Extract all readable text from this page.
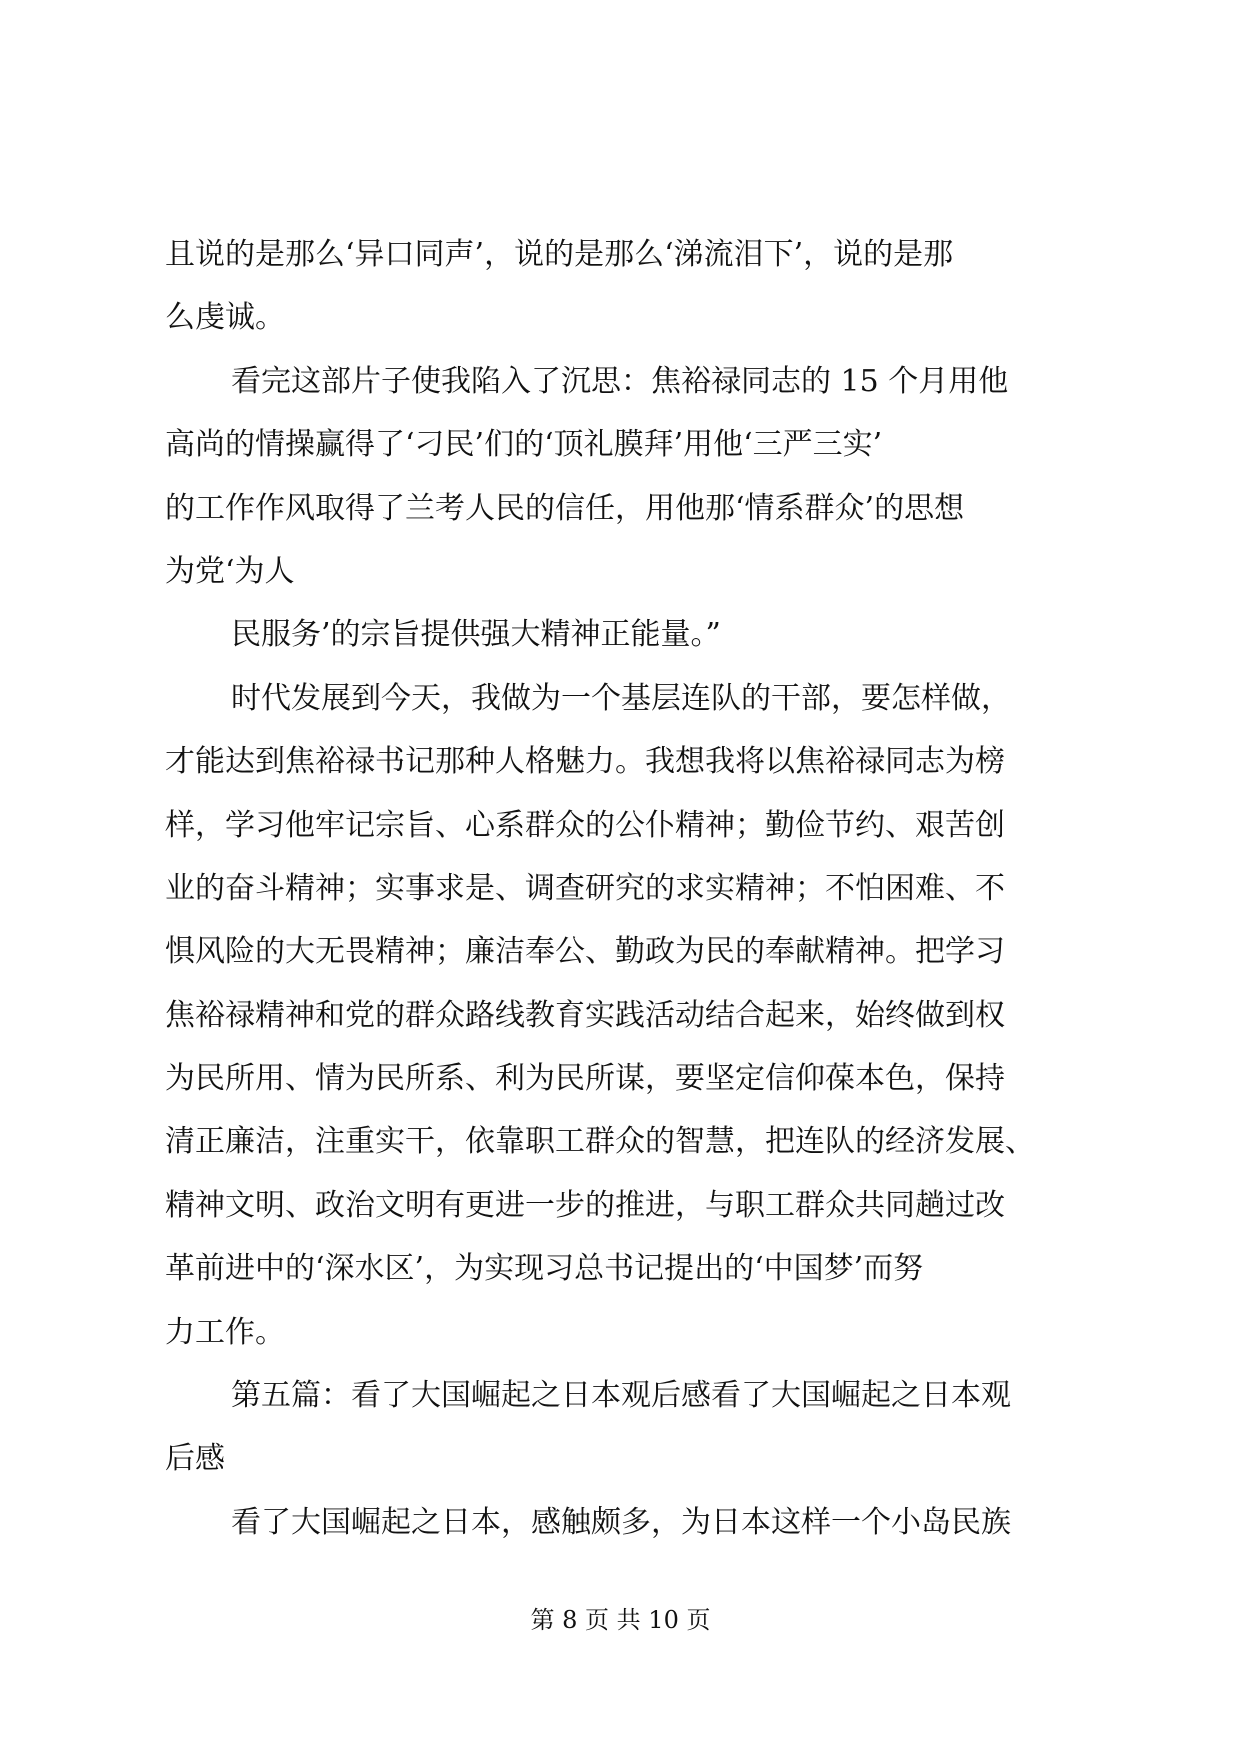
且说的是那么‘异口同声’，说的是那么‘涕流泪下’，说的是那
么虔诚。
看完这部片子使我陷入了沉思：焦裕禄同志的 15 个月用他
高尚的情操赢得了‘刁民’们的‘顶礼膜拜’用他‘三严三实’
的工作作风取得了兰考人民的信任，用他那‘情系群众’的思想
为党‘为人
民服务’的宗旨提供强大精神正能量。”
时代发展到今天，我做为一个基层连队的干部，要怎样做，
才能达到焦裕禄书记那种人格魅力。我想我将以焦裕禄同志为榜
样，学习他牢记宗旨、心系群众的公仆精神；勤俭节约、艰苦创
业的奋斗精神；实事求是、调查研究的求实精神；不怕困难、不
惧风险的大无畏精神；廉洁奉公、勤政为民的奉献精神。把学习
焦裕禄精神和党的群众路线教育实践活动结合起来，始终做到权
为民所用、情为民所系、利为民所谋，要坚定信仰葆本色，保持
清正廉洁，注重实干，依靠职工群众的智慧，把连队的经济发展、
精神文明、政治文明有更进一步的推进，与职工群众共同趟过改
革前进中的‘深水区’，为实现习总书记提出的‘中国梦’而努
力工作。
第五篇：看了大国崛起之日本观后感看了大国崛起之日本观
后感
看了大国崛起之日本，感触颇多，为日本这样一个小岛民族
第 8 页 共 10 页
